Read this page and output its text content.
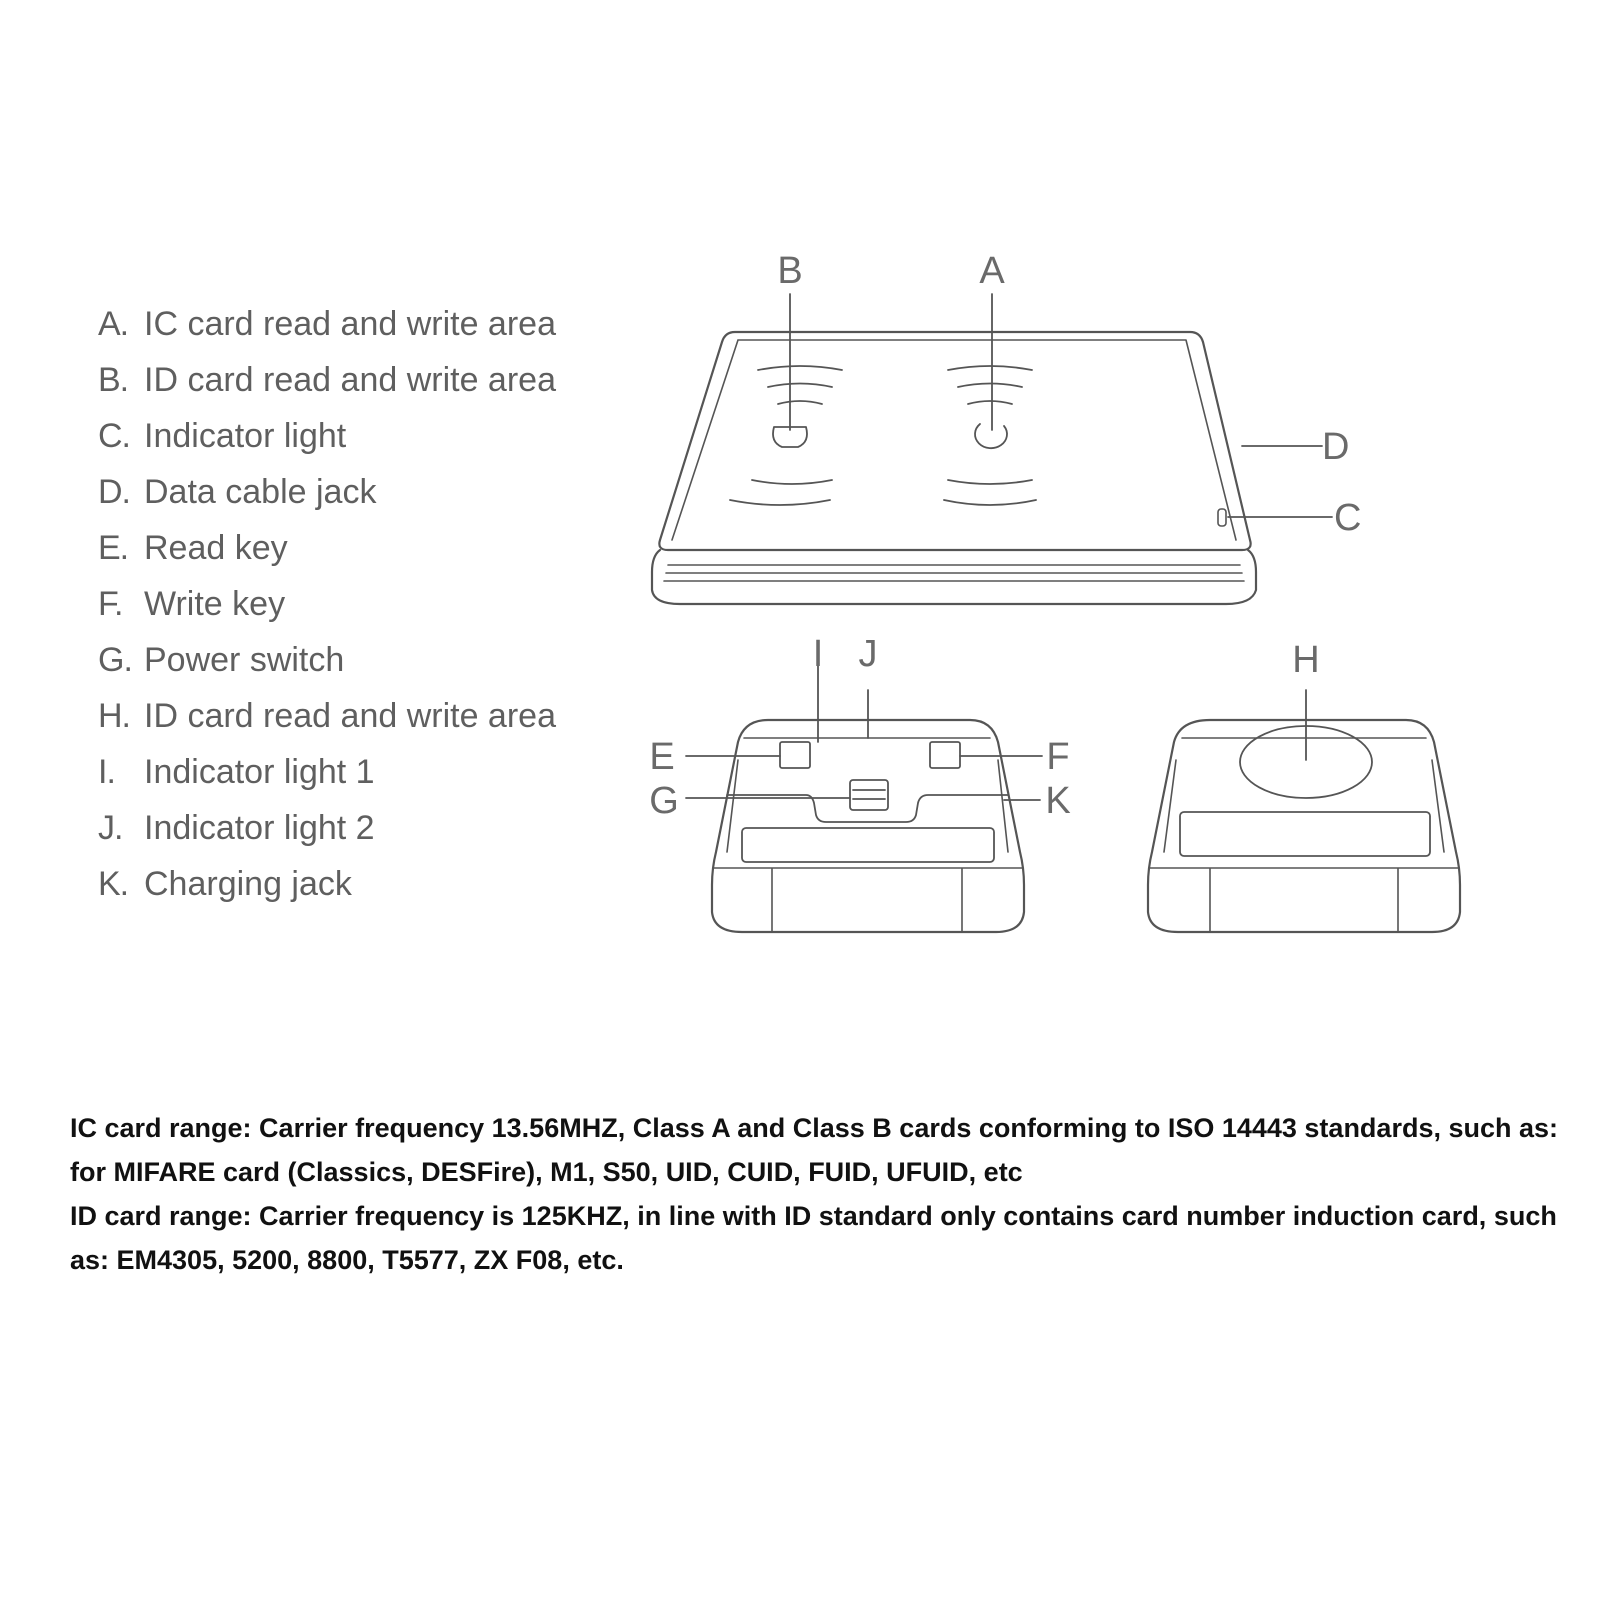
A. IC card read and write area
B. ID card read and write area
C. Indicator light
D. Data cable jack
E. Read key
F. Write key
G. Power switch
H. ID card read and write area
I. Indicator light 1
J. Indicator light 2
K. Charging jack
B	A
D
C
I J	H
E	F
G	K

IC card range: Carrier frequency 13.56MHZ, Class A and Class B cards conforming to ISO 14443 standards, such as: for MIFARE card (Classics, DESFire), M1, S50, UID, CUID, FUID, UFUID, etc

ID card range: Carrier frequency is 125KHZ, in line with ID standard only contains card number induction card, such as: EM4305, 5200, 8800, T5577, ZX F08, etc.
